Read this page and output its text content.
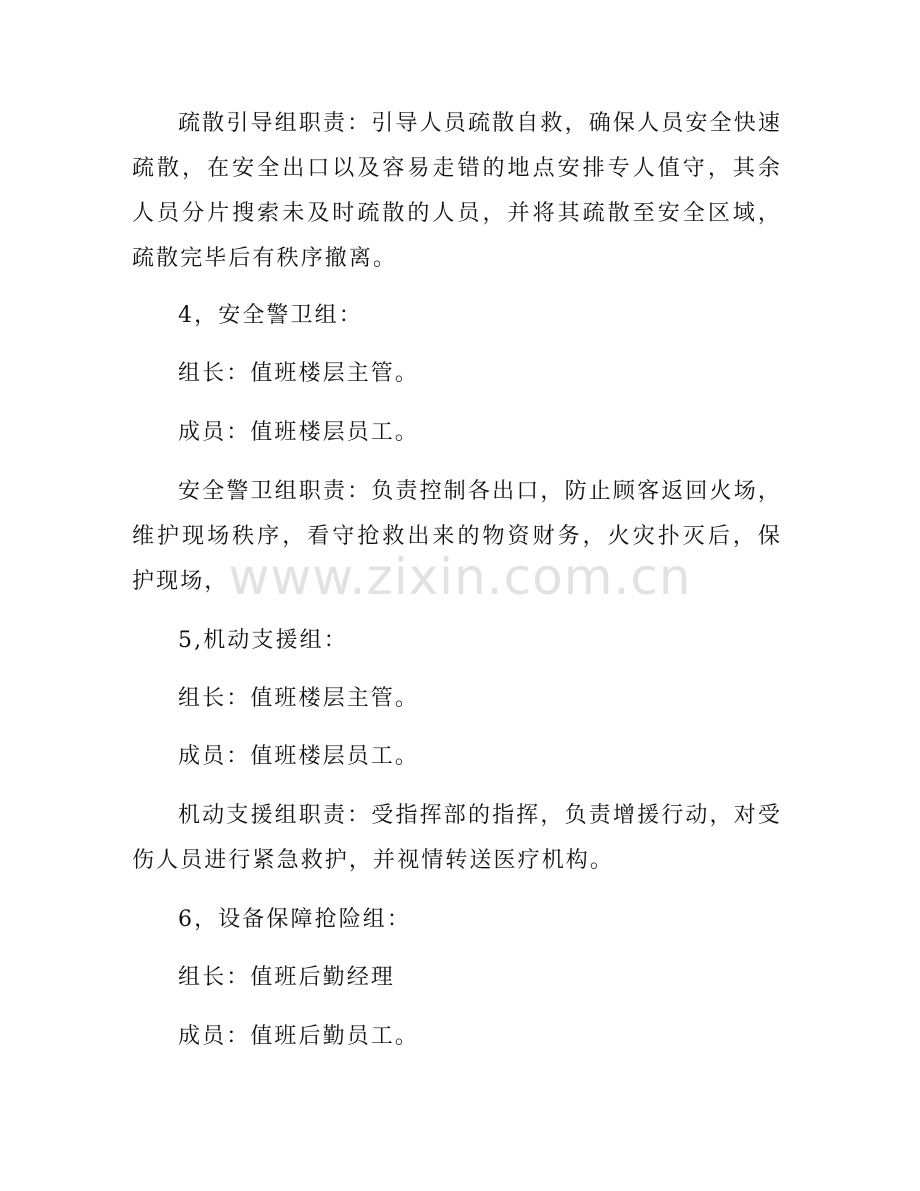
疏散引导组职责：引导人员疏散自救，确保人员安全快速疏散，在安全出口以及容易走错的地点安排专人值守，其余人员分片搜索未及时疏散的人员，并将其疏散至安全区域，疏散完毕后有秩序撤离。

4，安全警卫组：

组长：值班楼层主管。

成员：值班楼层员工。

安全警卫组职责：负责控制各出口，防止顾客返回火场，维护现场秩序，看守抢救出来的物资财务，火灾扑灭后，保护现场，

5,机动支援组：

组长：值班楼层主管。

成员：值班楼层员工。

机动支援组职责：受指挥部的指挥，负责增援行动，对受伤人员进行紧急救护，并视情转送医疗机构。

6，设备保障抢险组：

组长：值班后勤经理

成员：值班后勤员工。

www.zixin.com.cn
